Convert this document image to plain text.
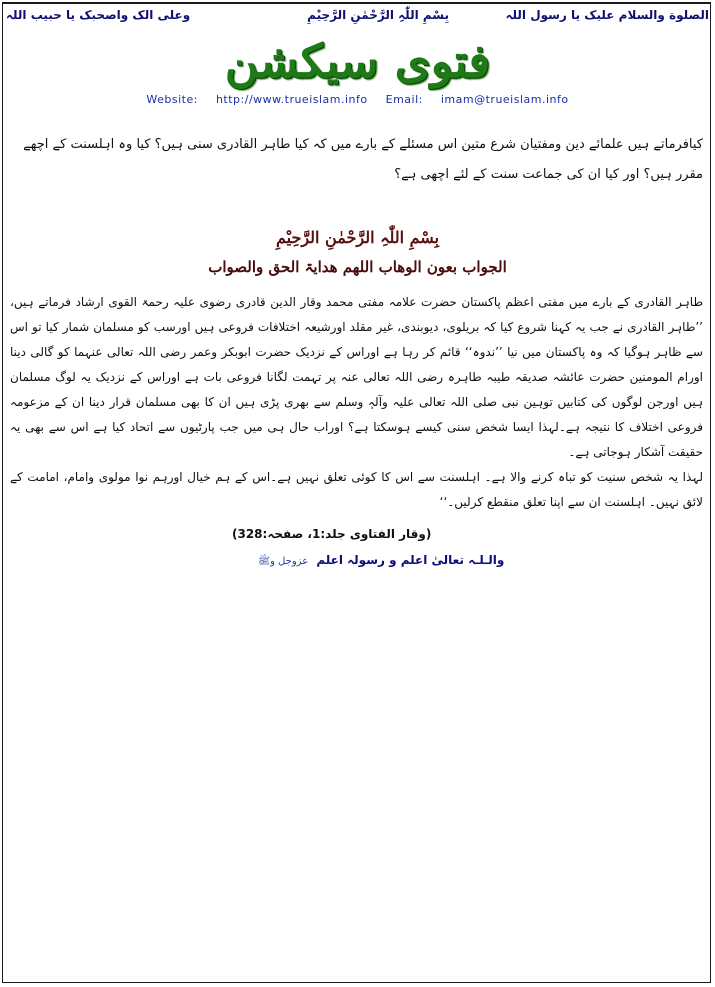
الصلوة والسلام علیک یا رسول اللہ
بِسْمِ اللّٰہِ الرَّحْمٰنِ الرَّحِیْمِ
وعلی الک واصحبک یا حبیب اللہ
فتوی سیکشن
Website: http://www.trueislam.info Email: imam@trueislam.info
کیافرماتے ہیں علمائے دین ومفتیان شرع متین اس مسئلے کے بارے میں کہ کیا طاہر القادری سنی ہیں؟ کیا وہ اہلسنت کے اچھے مقرر ہیں؟ اور کیا ان کی جماعت سنت کے لئے اچھی ہے؟
بِسْمِ اللّٰہِ الرَّحْمٰنِ الرَّحِیْمِ
الجواب بعون الوھاب اللھم ھدایۃ الحق والصواب

طاہر القادری کے بارے میں مفتی اعظم پاکستان حضرت علامہ مفتی محمد وقار الدین قادری رضوی علیہ رحمۃ القوی ارشاد فرماتے ہیں، ’’طاہر القادری نے جب یہ کہنا شروع کیا کہ بریلوی، دیوبندی، غیر مقلد اورشیعہ اختلافات فروعی ہیں اورسب کو مسلمان شمار کیا تو اس سے ظاہر ہوگیا کہ وہ پاکستان میں نیا ’’ندوہ‘‘ قائم کر رہا ہے اوراس کے نزدیک حضرت ابوبکر وعمر رضی اللہ تعالی عنہما کو گالی دینا اورام المومنین حضرت عائشہ صدیقہ طیبہ طاہرہ رضی اللہ تعالی عنہ پر تہمت لگانا فروعی بات ہے اوراس کے نزدیک یہ لوگ مسلمان ہیں اورجن لوگوں کی کتابیں توہین نبی صلی اللہ تعالی علیہ وآلہٖ وسلم سے بھری پڑی ہیں ان کا بھی مسلمان قرار دینا ان کے مزعومہ فروعی اختلاف کا نتیجہ ہے۔لہذا ایسا شخص سنی کیسے ہوسکتا ہے؟ اوراب حال ہی میں جب پارٹیوں سے اتحاد کیا ہے اس سے بھی یہ حقیقت آشکار ہوجاتی ہے۔

لہذا یہ شخص سنیت کو تباہ کرنے والا ہے۔ اہلسنت سے اس کا کوئی تعلق نہیں ہے۔اس کے ہم خیال اورہم نوا مولوی وامام، امامت کے لائق نہیں۔ اہلسنت ان سے اپنا تعلق منقطع کرلیں۔‘‘

(وقار الفتاوی جلد:1، صفحہ:328)
والـلـہ تعالیٰ اعلم و رسولہ اعلم عزوجل وﷺ
